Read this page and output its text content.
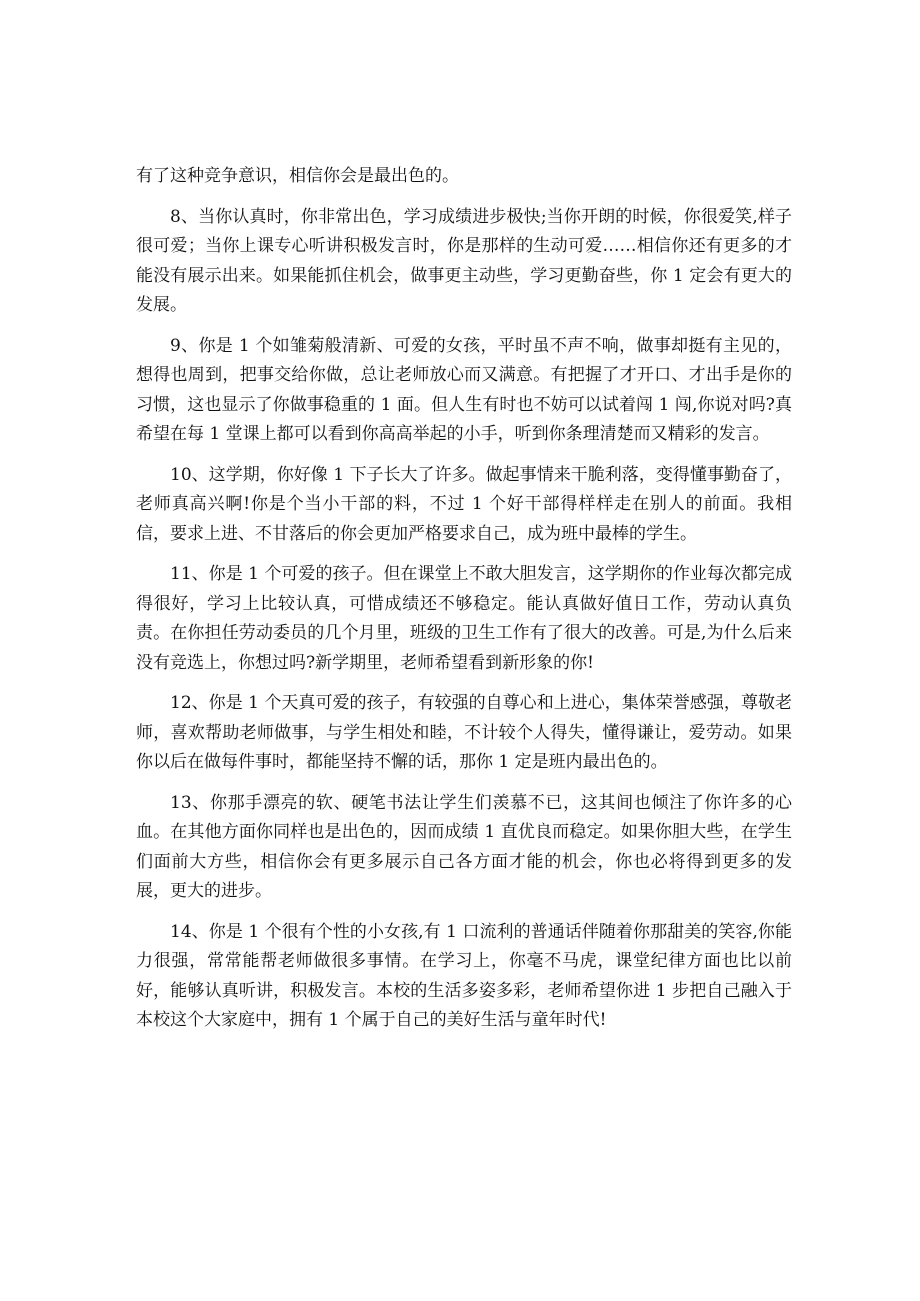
有了这种竞争意识，相信你会是最出色的。

8、当你认真时，你非常出色，学习成绩进步极快;当你开朗的时候，你很爱笑,样子很可爱；当你上课专心听讲积极发言时，你是那样的生动可爱……相信你还有更多的才能没有展示出来。如果能抓住机会，做事更主动些，学习更勤奋些，你 1 定会有更大的发展。

9、你是 1 个如雏菊般清新、可爱的女孩，平时虽不声不响，做事却挺有主见的，想得也周到，把事交给你做，总让老师放心而又满意。有把握了才开口、才出手是你的习惯，这也显示了你做事稳重的 1 面。但人生有时也不妨可以试着闯 1 闯,你说对吗?真希望在每 1 堂课上都可以看到你高高举起的小手，听到你条理清楚而又精彩的发言。

10、这学期，你好像 1 下子长大了许多。做起事情来干脆利落，变得懂事勤奋了，老师真高兴啊!你是个当小干部的料，不过 1 个好干部得样样走在别人的前面。我相信，要求上进、不甘落后的你会更加严格要求自己，成为班中最棒的学生。

11、你是 1 个可爱的孩子。但在课堂上不敢大胆发言，这学期你的作业每次都完成得很好，学习上比较认真，可惜成绩还不够稳定。能认真做好值日工作，劳动认真负责。在你担任劳动委员的几个月里，班级的卫生工作有了很大的改善。可是,为什么后来没有竞选上，你想过吗?新学期里，老师希望看到新形象的你!

12、你是 1 个天真可爱的孩子，有较强的自尊心和上进心，集体荣誉感强，尊敬老师，喜欢帮助老师做事，与学生相处和睦，不计较个人得失，懂得谦让，爱劳动。如果你以后在做每件事时，都能坚持不懈的话，那你 1 定是班内最出色的。

13、你那手漂亮的软、硬笔书法让学生们羡慕不已，这其间也倾注了你许多的心血。在其他方面你同样也是出色的，因而成绩 1 直优良而稳定。如果你胆大些，在学生们面前大方些，相信你会有更多展示自己各方面才能的机会，你也必将得到更多的发展，更大的进步。

14、你是 1 个很有个性的小女孩,有 1 口流利的普通话伴随着你那甜美的笑容,你能力很强，常常能帮老师做很多事情。在学习上，你毫不马虎，课堂纪律方面也比以前好，能够认真听讲，积极发言。本校的生活多姿多彩，老师希望你进 1 步把自己融入于本校这个大家庭中，拥有 1 个属于自己的美好生活与童年时代!
